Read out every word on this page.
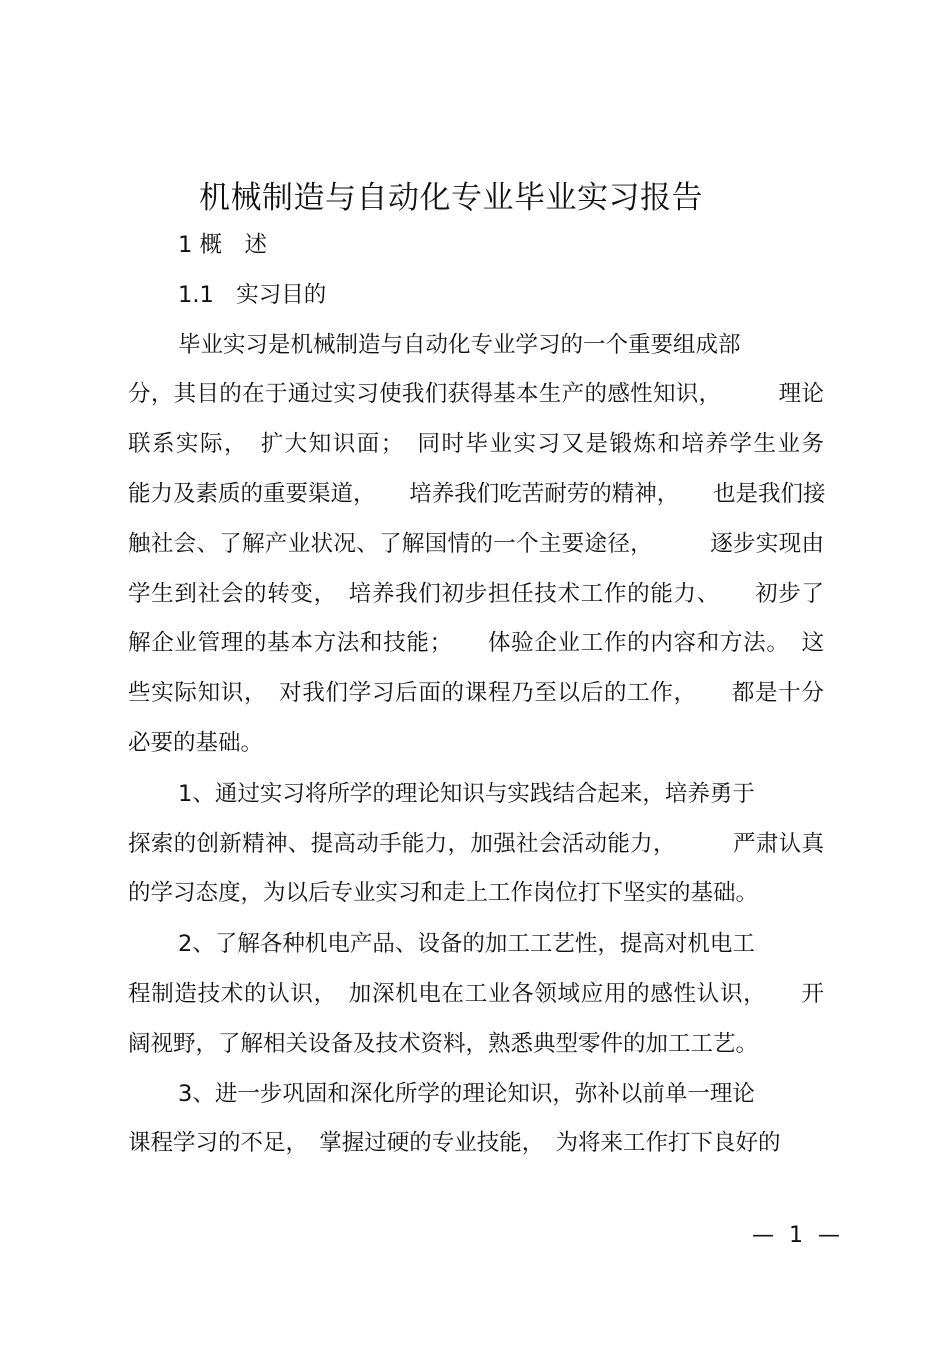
机械制造与自动化专业毕业实习报告
1 概　述
1.1　实习目的
毕业实习是机械制造与自动化专业学习的一个重要组成部
分，其目的在于通过实习使我们获得基本生产的感性知识，　　　理论
联系实际，　扩大知识面；　同时毕业实习又是锻炼和培养学生业务
能力及素质的重要渠道，　　培养我们吃苦耐劳的精神，　　也是我们接
触社会、了解产业状况、了解国情的一个主要途径，　　　逐步实现由
学生到社会的转变，　培养我们初步担任技术工作的能力、　　初步了
解企业管理的基本方法和技能；　　体验企业工作的内容和方法。　这
些实际知识，　对我们学习后面的课程乃至以后的工作，　　都是十分
必要的基础。
1、通过实习将所学的理论知识与实践结合起来，培养勇于
探索的创新精神、提高动手能力，加强社会活动能力，　　　严肃认真
的学习态度，为以后专业实习和走上工作岗位打下坚实的基础。
2、了解各种机电产品、设备的加工工艺性，提高对机电工
程制造技术的认识，　加深机电在工业各领域应用的感性认识，　　开
阔视野，了解相关设备及技术资料，熟悉典型零件的加工工艺。
3、进一步巩固和深化所学的理论知识，弥补以前单一理论
课程学习的不足，　掌握过硬的专业技能，　为将来工作打下良好的
— 1 —
